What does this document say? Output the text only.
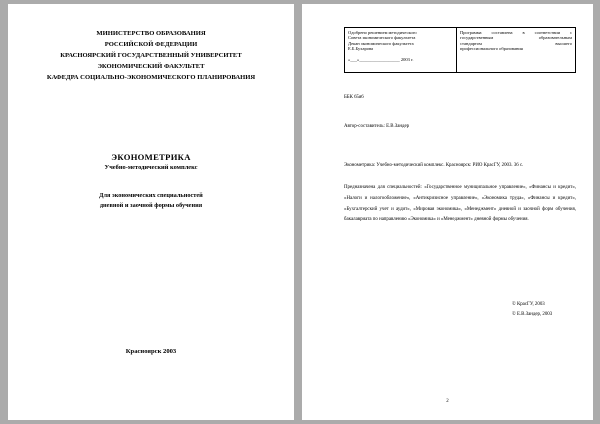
МИНИСТЕРСТВО ОБРАЗОВАНИЯ
РОССИЙСКОЙ ФЕДЕРАЦИИ
КРАСНОЯРСКИЙ ГОСУДАРСТВЕННЫЙ УНИВЕРСИТЕТ
ЭКОНОМИЧЕСКИЙ ФАКУЛЬТЕТ
КАФЕДРА СОЦИАЛЬНО-ЭКОНОМИЧЕСКОГО ПЛАНИРОВАНИЯ
ЭКОНОМЕТРИКА
Учебно-методический комплекс
Для экономических специальностей
дневной и заочной формы обучения
Красноярск 2003
Одобрено решением методического
Совета экономического факультета
Декан экономического факультета
Е.Б.Бухарова
«___»__________________ 2003 г.
Программа составлена в соответствии с
государственным образовательным
стандартом высшего
профессионального образования
ББК 65я6
Автор-составитель: Е.В.Зандер
Эконометрика: Учебно-методический комплекс. Красноярск: РИО КрасГУ, 2003. 36 с.
Предназначена для специальностей: «Государственное муниципальное управление», «Финансы и кредит», «Налоги и налогообложение», «Антикризисное управление», «Экономика труда», «Финансы и кредит», «Бухгалтерский учет и аудит», «Мировая экономика», «Менеджмент» дневной и заочной форм обучения, бакалавриата по направлению «Экономика» и «Менеджмент» дневной формы обучения.
© КрасГУ, 2003
© Е.В.Зандер, 2003
2
